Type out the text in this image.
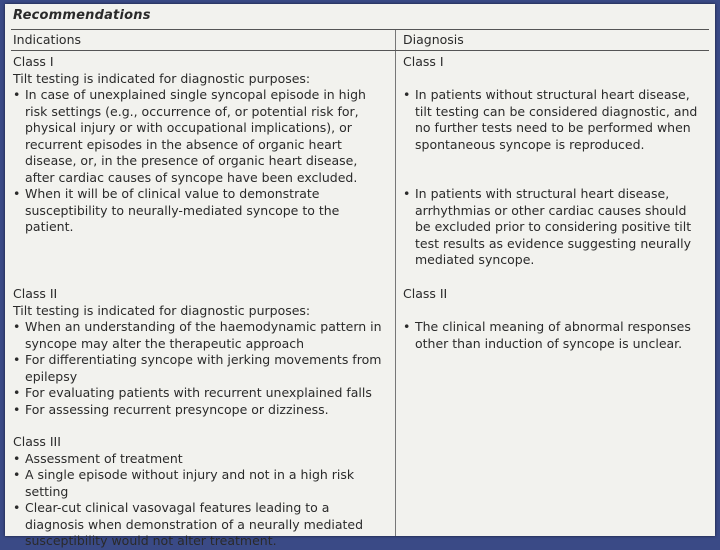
Recommendations
Indications	Diagnosis

Class I

Tilt testing is indicated for diagnostic purposes:

• In case of unexplained single syncopal episode in high risk settings (e.g., occurrence of, or potential risk for, physical injury or with occupational implications), or recurrent episodes in the absence of organic heart disease, or, in the presence of organic heart disease, after cardiac causes of syncope have been excluded.
• When it will be of clinical value to demonstrate susceptibility to neurally-mediated syncope to the patient.

Class I

• In patients without structural heart disease, tilt testing can be considered diagnostic, and no further tests need to be performed when spontaneous syncope is reproduced.
• In patients with structural heart disease, arrhythmias or other cardiac causes should be excluded prior to considering positive tilt test results as evidence suggesting neurally mediated syncope.

Class II

Tilt testing is indicated for diagnostic purposes:

• When an understanding of the haemodynamic pattern in syncope may alter the therapeutic approach
• For differentiating syncope with jerking movements from epilepsy
• For evaluating patients with recurrent unexplained falls
• For assessing recurrent presyncope or dizziness.

Class II

• The clinical meaning of abnormal responses other than induction of syncope is unclear.

Class III

• Assessment of treatment
• A single episode without injury and not in a high risk setting
• Clear-cut clinical vasovagal features leading to a diagnosis when demonstration of a neurally mediated susceptibility would not alter treatment.
